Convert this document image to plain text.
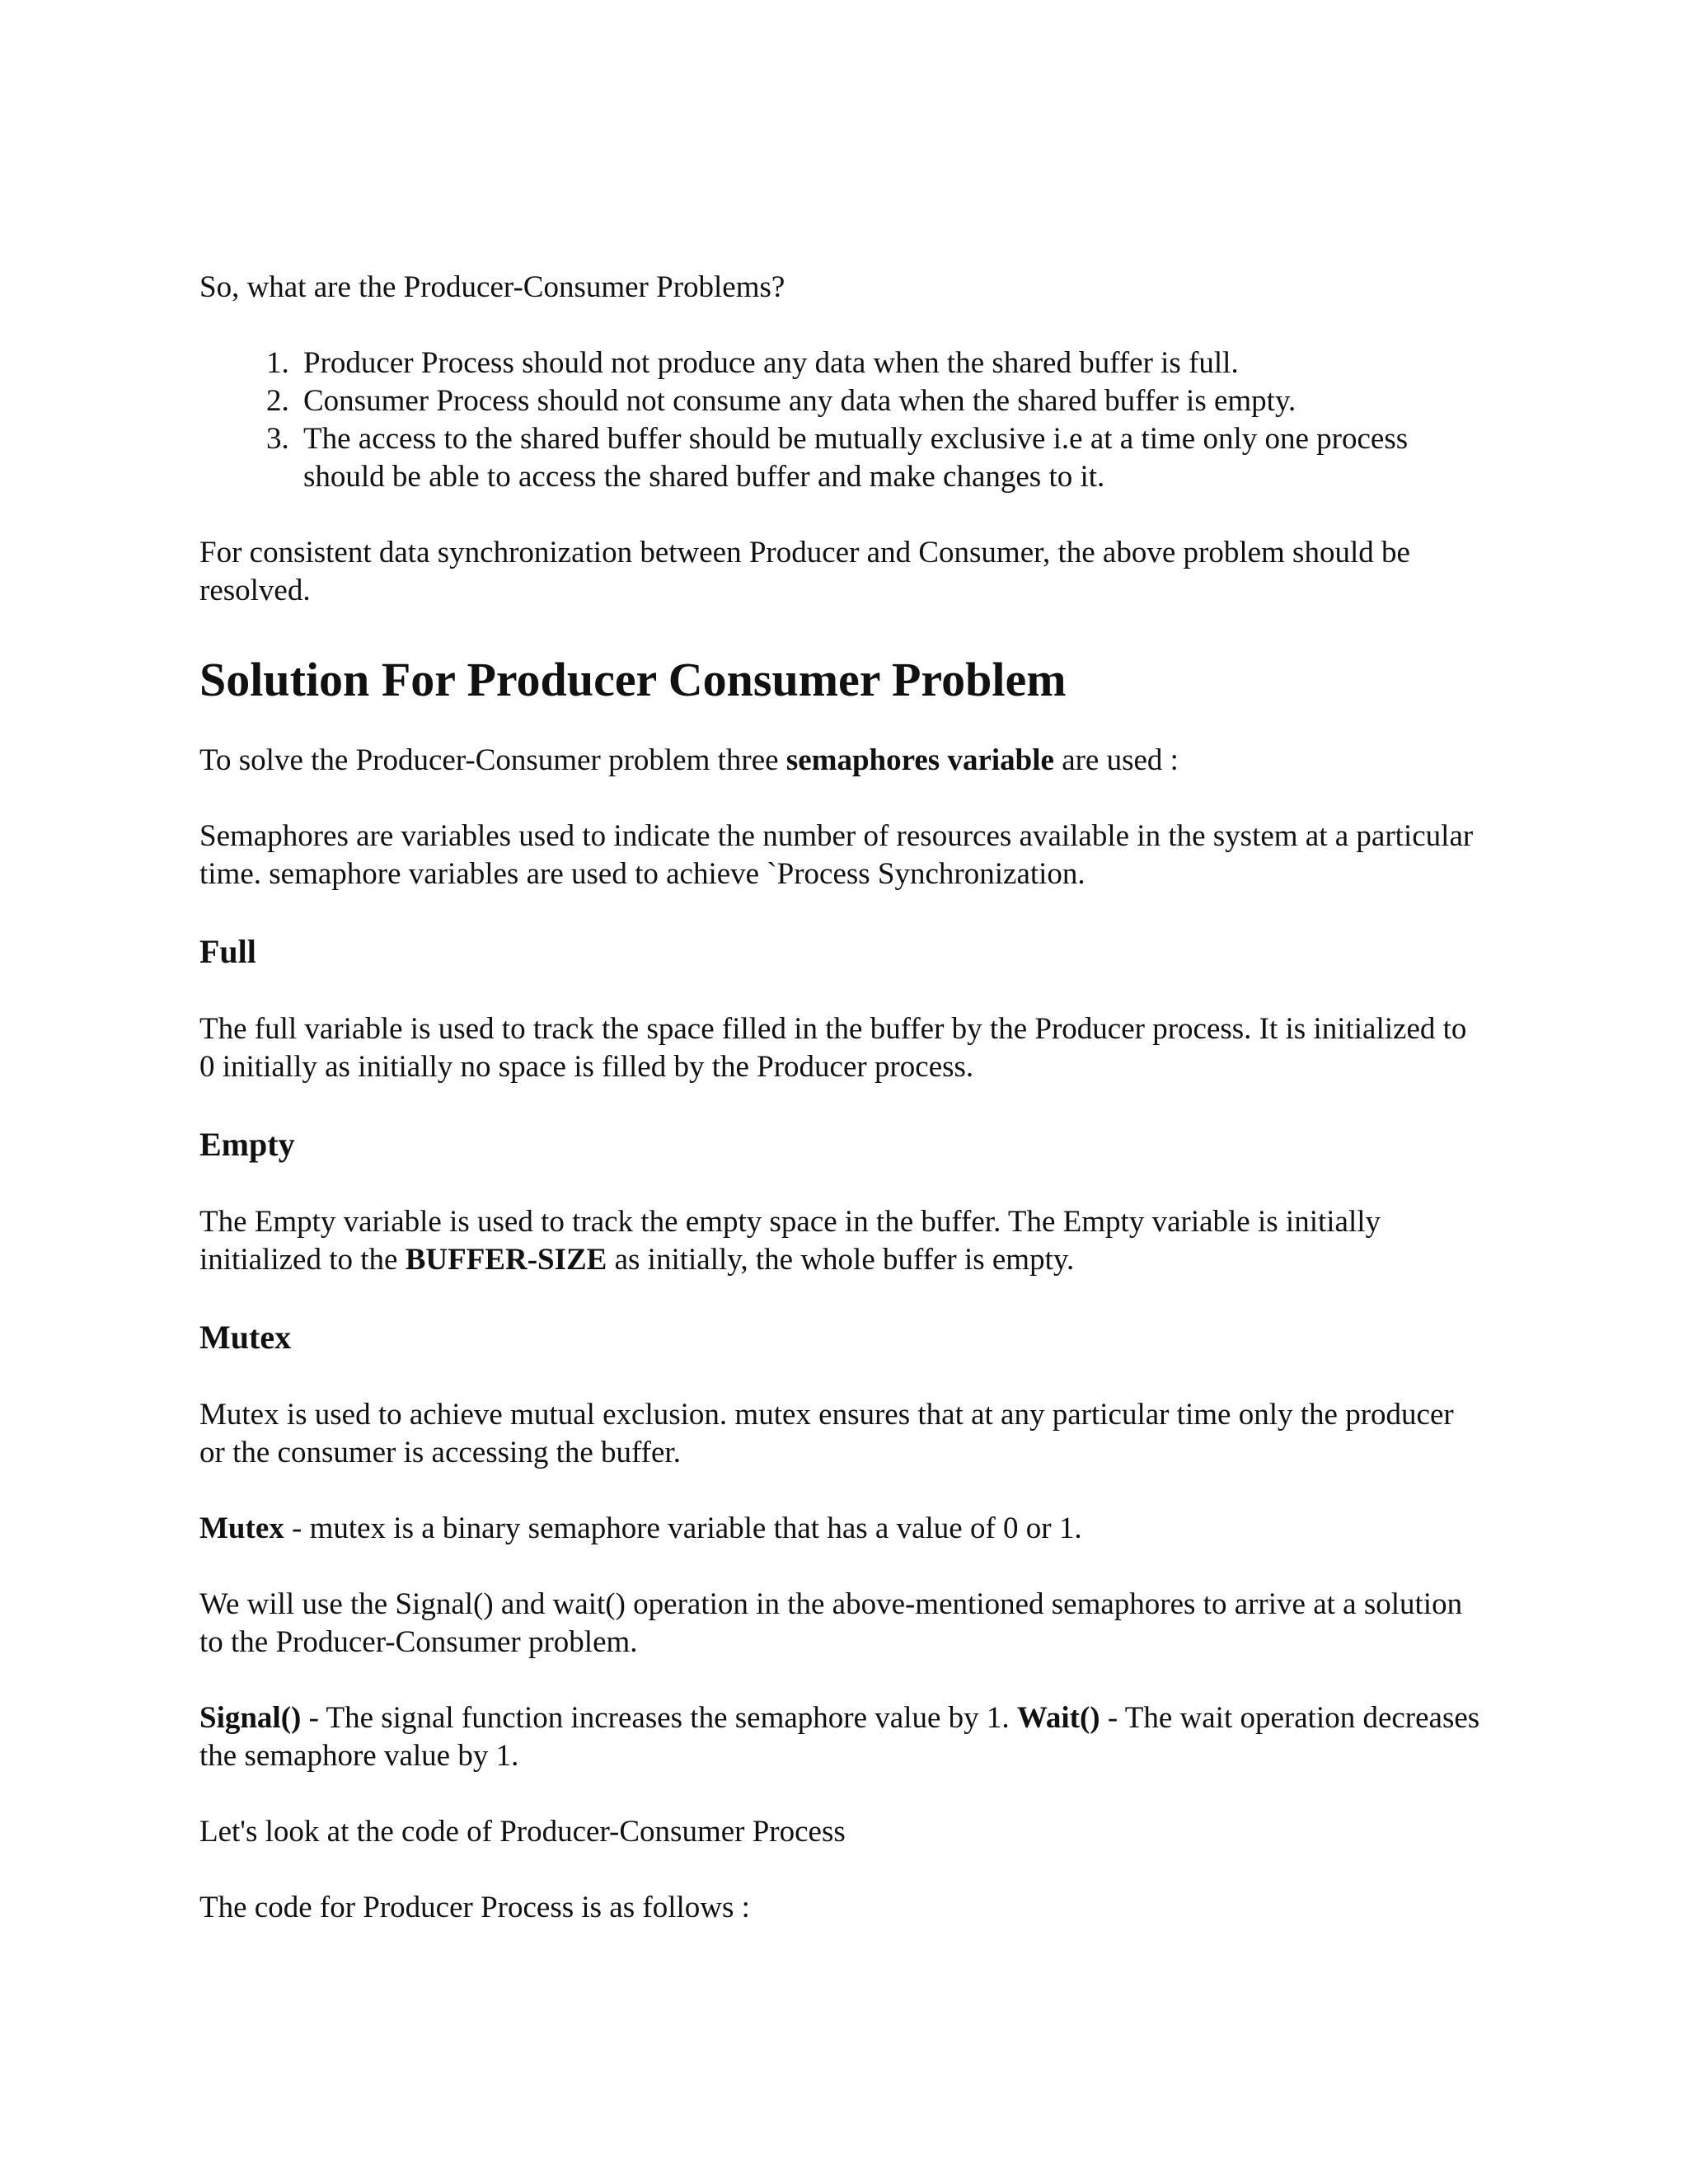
So, what are the Producer-Consumer Problems?

1. Producer Process should not produce any data when the shared buffer is full.
2. Consumer Process should not consume any data when the shared buffer is empty.
3. The access to the shared buffer should be mutually exclusive i.e at a time only one process should be able to access the shared buffer and make changes to it.

For consistent data synchronization between Producer and Consumer, the above problem should be resolved.

Solution For Producer Consumer Problem

To solve the Producer-Consumer problem three semaphores variable are used :

Semaphores are variables used to indicate the number of resources available in the system at a particular time. semaphore variables are used to achieve `Process Synchronization.

Full

The full variable is used to track the space filled in the buffer by the Producer process. It is initialized to 0 initially as initially no space is filled by the Producer process.

Empty

The Empty variable is used to track the empty space in the buffer. The Empty variable is initially initialized to the BUFFER-SIZE as initially, the whole buffer is empty.

Mutex

Mutex is used to achieve mutual exclusion. mutex ensures that at any particular time only the producer or the consumer is accessing the buffer.

Mutex - mutex is a binary semaphore variable that has a value of 0 or 1.

We will use the Signal() and wait() operation in the above-mentioned semaphores to arrive at a solution to the Producer-Consumer problem.

Signal() - The signal function increases the semaphore value by 1. Wait() - The wait operation decreases the semaphore value by 1.

Let's look at the code of Producer-Consumer Process

The code for Producer Process is as follows :
